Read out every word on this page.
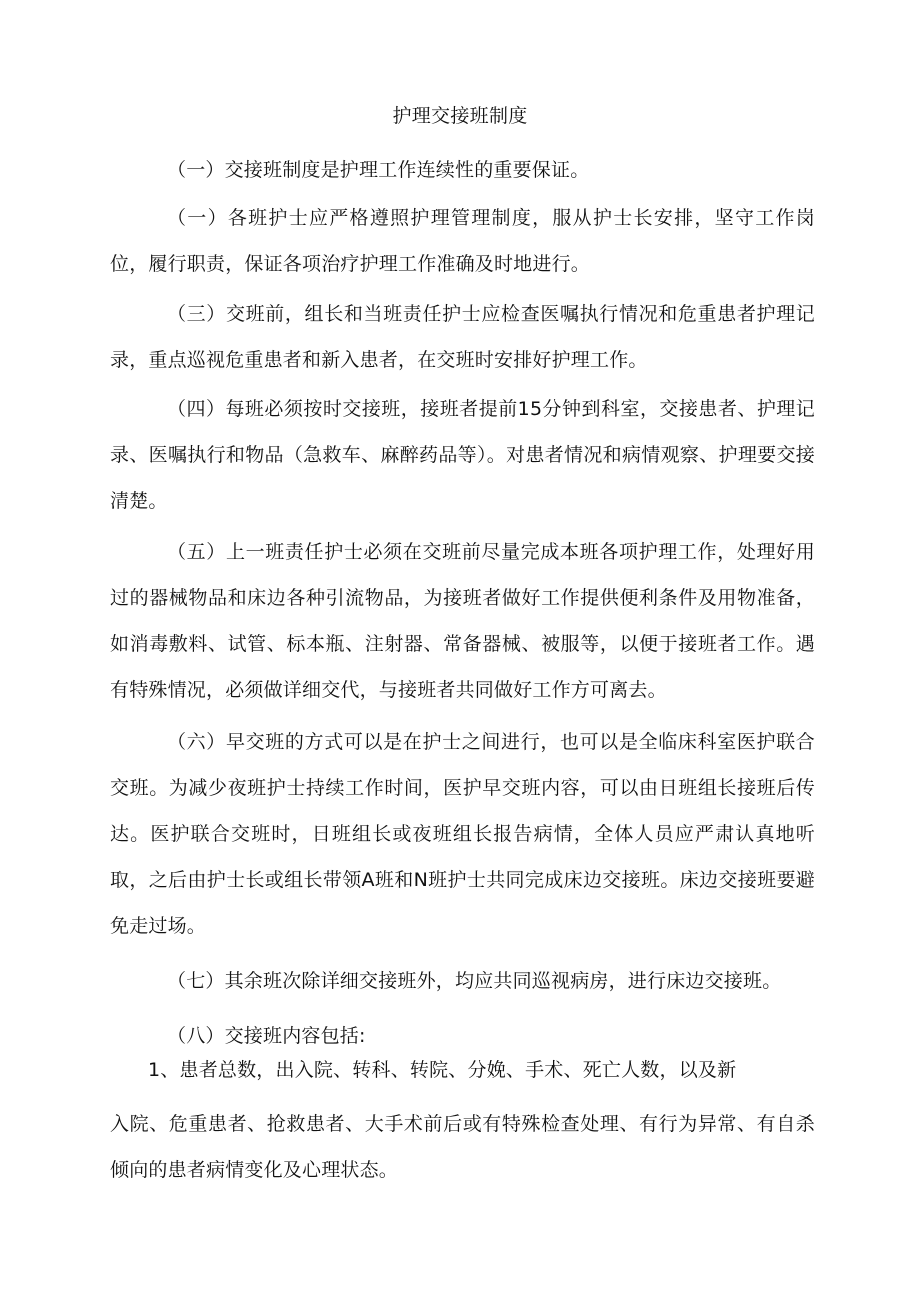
护理交接班制度

（一）交接班制度是护理工作连续性的重要保证。

（一）各班护士应严格遵照护理管理制度，服从护士长安排，坚守工作岗位，履行职责，保证各项治疗护理工作准确及时地进行。

（三）交班前，组长和当班责任护士应检查医嘱执行情况和危重患者护理记录，重点巡视危重患者和新入患者，在交班时安排好护理工作。

（四）每班必须按时交接班，接班者提前15分钟到科室，交接患者、护理记录、医嘱执行和物品（急救车、麻醉药品等）。对患者情况和病情观察、护理要交接清楚。

（五）上一班责任护士必须在交班前尽量完成本班各项护理工作，处理好用过的器械物品和床边各种引流物品，为接班者做好工作提供便利条件及用物准备，如消毒敷料、试管、标本瓶、注射器、常备器械、被服等，以便于接班者工作。遇有特殊情况，必须做详细交代，与接班者共同做好工作方可离去。

（六）早交班的方式可以是在护士之间进行，也可以是全临床科室医护联合交班。为减少夜班护士持续工作时间，医护早交班内容，可以由日班组长接班后传达。医护联合交班时，日班组长或夜班组长报告病情，全体人员应严肃认真地听取，之后由护士长或组长带领A班和N班护士共同完成床边交接班。床边交接班要避免走过场。

（七）其余班次除详细交接班外，均应共同巡视病房，进行床边交接班。

（八）交接班内容包括:

1、患者总数，出入院、转科、转院、分娩、手术、死亡人数，以及新

入院、危重患者、抢救患者、大手术前后或有特殊检查处理、有行为异常、有自杀倾向的患者病情变化及心理状态。
